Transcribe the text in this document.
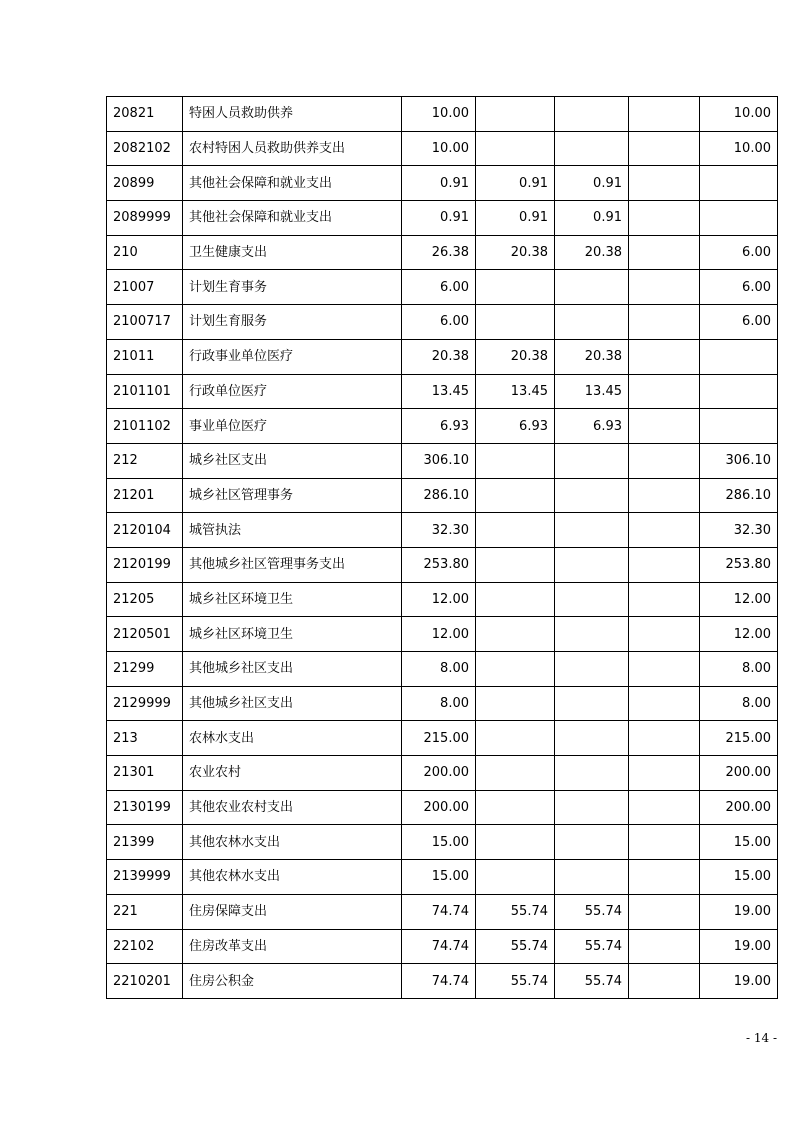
20821	特困人员救助供养	10.00				10.00
2082102	农村特困人员救助供养支出	10.00				10.00
20899	其他社会保障和就业支出	0.91	0.91	0.91		
2089999	其他社会保障和就业支出	0.91	0.91	0.91		
210	卫生健康支出	26.38	20.38	20.38		6.00
21007	计划生育事务	6.00				6.00
2100717	计划生育服务	6.00				6.00
21011	行政事业单位医疗	20.38	20.38	20.38		
2101101	行政单位医疗	13.45	13.45	13.45		
2101102	事业单位医疗	6.93	6.93	6.93		
212	城乡社区支出	306.10				306.10
21201	城乡社区管理事务	286.10				286.10
2120104	城管执法	32.30				32.30
2120199	其他城乡社区管理事务支出	253.80				253.80
21205	城乡社区环境卫生	12.00				12.00
2120501	城乡社区环境卫生	12.00				12.00
21299	其他城乡社区支出	8.00				8.00
2129999	其他城乡社区支出	8.00				8.00
213	农林水支出	215.00				215.00
21301	农业农村	200.00				200.00
2130199	其他农业农村支出	200.00				200.00
21399	其他农林水支出	15.00				15.00
2139999	其他农林水支出	15.00				15.00
221	住房保障支出	74.74	55.74	55.74		19.00
22102	住房改革支出	74.74	55.74	55.74		19.00
2210201	住房公积金	74.74	55.74	55.74		19.00
- 14 -
